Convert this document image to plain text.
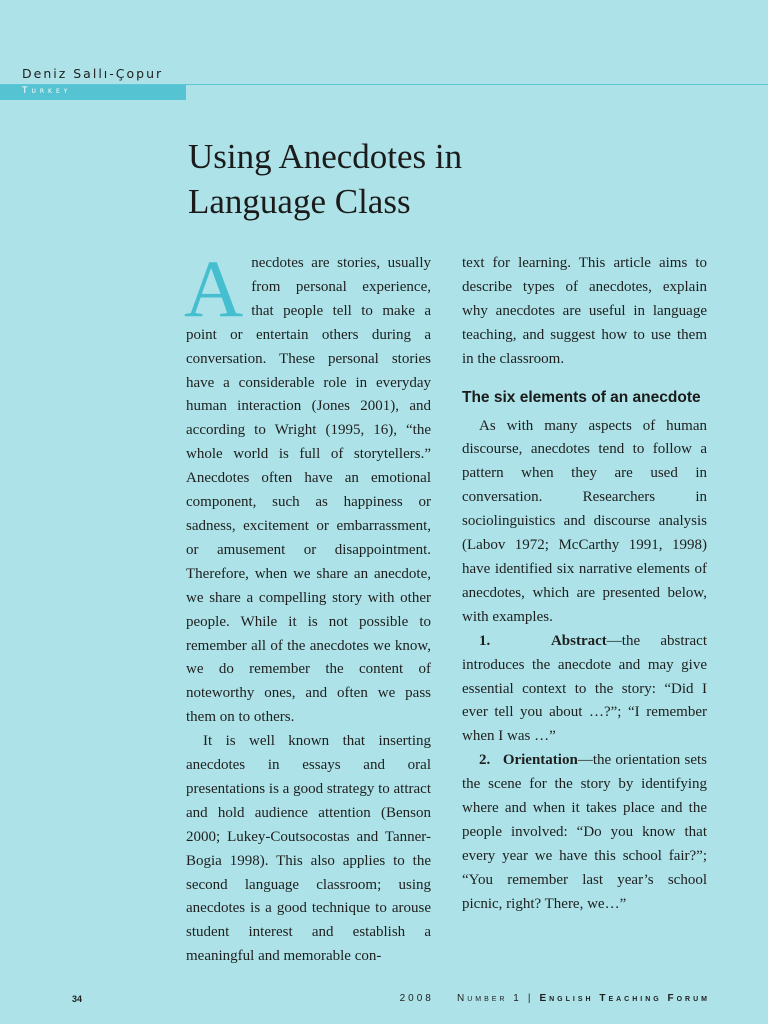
Deniz Sallı-Çopur
Turkey
Using Anecdotes in
Language Class

Anecdotes are stories, usually from personal experience, that people tell to make a point or entertain others during a conversation. These personal stories have a considerable role in everyday human interaction (Jones 2001), and according to Wright (1995, 16), “the whole world is full of storytellers.” Anecdotes often have an emotional component, such as happiness or sadness, excitement or embarrassment, or amusement or disappointment. Therefore, when we share an anecdote, we share a compelling story with other people. While it is not possible to remember all of the anecdotes we know, we do remember the content of noteworthy ones, and often we pass them on to others.

It is well known that inserting anecdotes in essays and oral presentations is a good strategy to attract and hold audience attention (Benson 2000; Lukey-Coutsocostas and Tanner-Bogia 1998). This also applies to the second language classroom; using anecdotes is a good technique to arouse student interest and establish a meaningful and memorable con-

text for learning. This article aims to describe types of anecdotes, explain why anecdotes are useful in language teaching, and suggest how to use them in the classroom.

The six elements of an anecdote

As with many aspects of human discourse, anecdotes tend to follow a pattern when they are used in conversation. Researchers in sociolinguistics and discourse analysis (Labov 1972; McCarthy 1991, 1998) have identified six narrative elements of anecdotes, which are presented below, with examples.

1.	Abstract—the abstract introduces the anecdote and may give essential context to the story: “Did I ever tell you about …?”; “I remember when I was …”

2. Orientation—the orientation sets the scene for the story by identifying where and when it takes place and the people involved: “Do you know that every year we have this school fair?”; “You remember last year’s school picnic, right? There, we…”

34	2008 Number 1 | English Teaching Forum
